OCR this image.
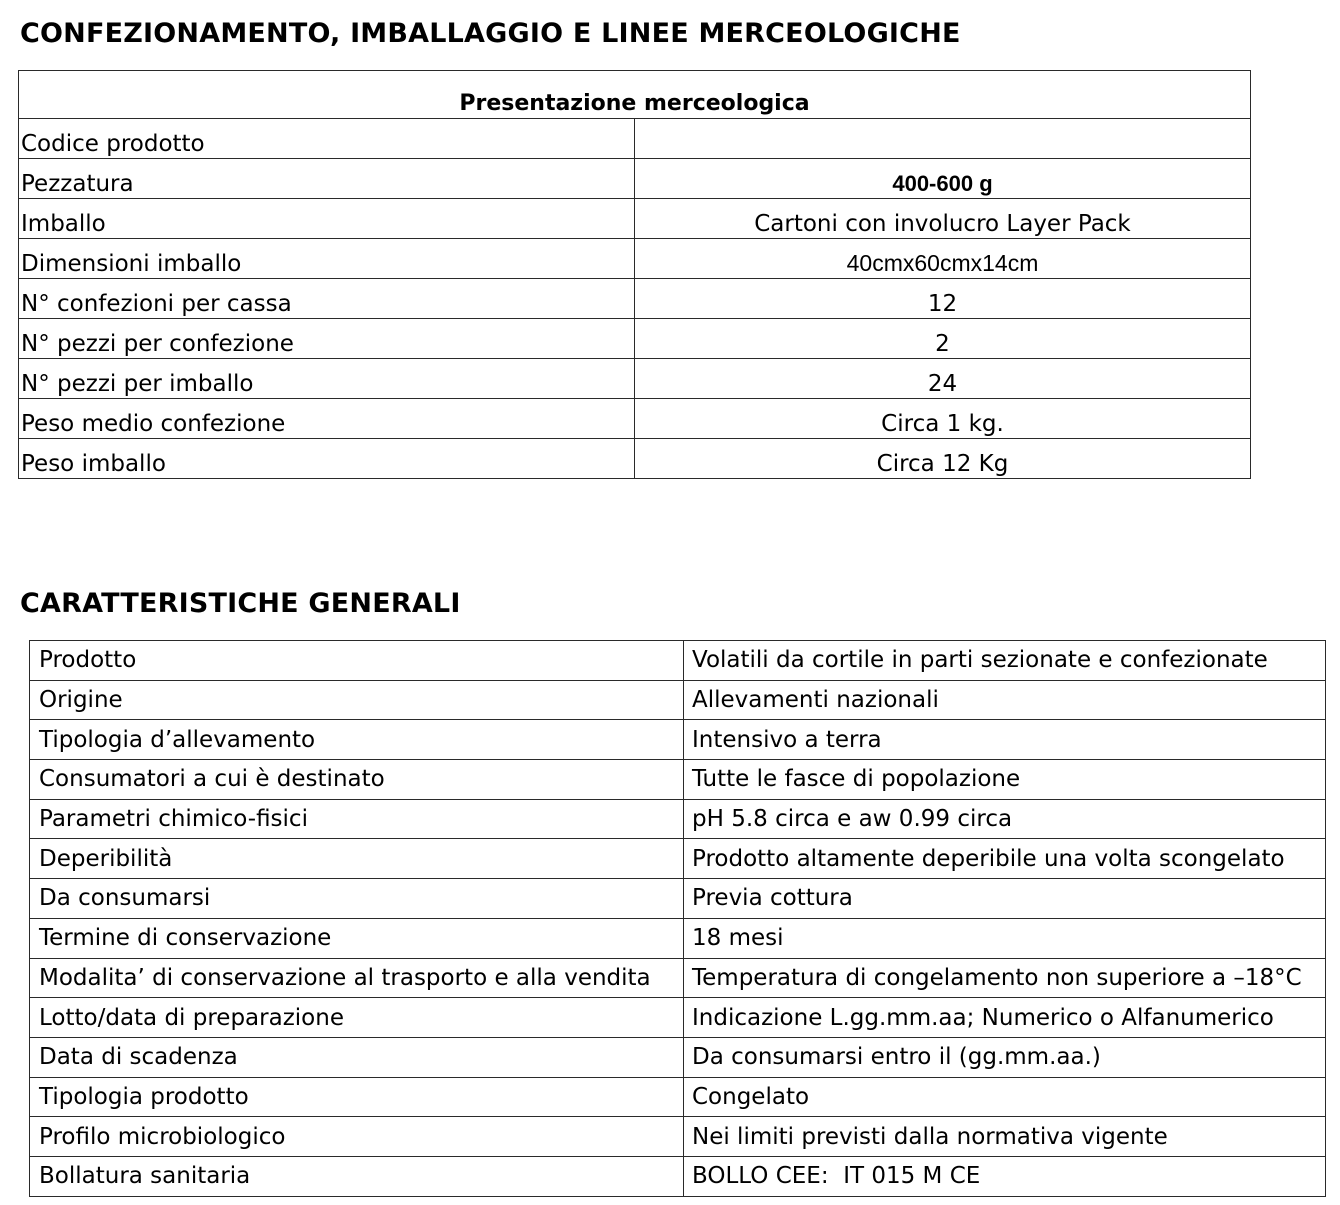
CONFEZIONAMENTO, IMBALLAGGIO E LINEE MERCEOLOGICHE
Presentazione merceologica	
Codice prodotto	
Pezzatura	400-600 g
Imballo	Cartoni con involucro Layer Pack
Dimensioni imballo	40cmx60cmx14cm
N° confezioni per cassa	12
N° pezzi per confezione	2
N° pezzi per imballo	24
Peso medio confezione	Circa 1 kg.
Peso imballo	Circa 12 Kg
CARATTERISTICHE GENERALI
Prodotto	Volatili da cortile in parti sezionate e confezionate
Origine	Allevamenti nazionali
Tipologia d’allevamento	Intensivo a terra
Consumatori a cui è destinato	Tutte le fasce di popolazione
Parametri chimico-fisici	pH 5.8 circa e aw 0.99 circa
Deperibilità	Prodotto altamente deperibile una volta scongelato
Da consumarsi	Previa cottura
Termine di conservazione	18 mesi
Modalita’ di conservazione al trasporto e alla vendita	Temperatura di congelamento non superiore a –18°C
Lotto/data di preparazione	Indicazione L.gg.mm.aa; Numerico o Alfanumerico
Data di scadenza	Da consumarsi entro il (gg.mm.aa.)
Tipologia prodotto	Congelato
Profilo microbiologico	Nei limiti previsti dalla normativa vigente
Bollatura sanitaria	BOLLO CEE:  IT 015 M CE
